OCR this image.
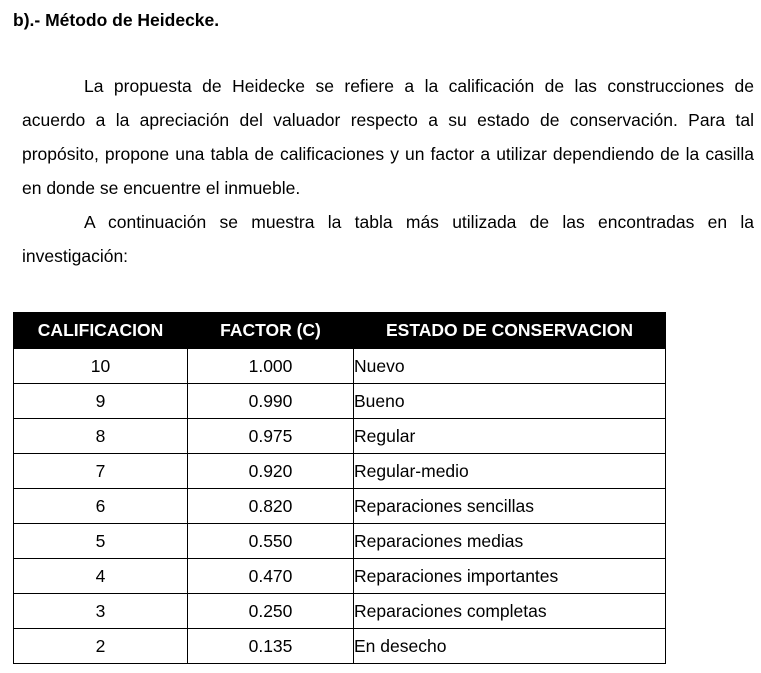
b).- Método de Heidecke.

La propuesta de Heidecke se refiere a la calificación de las construcciones de acuerdo a la apreciación del valuador respecto a su estado de conservación. Para tal propósito, propone una tabla de calificaciones y un factor a utilizar dependiendo de la casilla en donde se encuentre el inmueble.

A continuación se muestra la tabla más utilizada de las encontradas en la investigación:

CALIFICACION	FACTOR (C)	ESTADO DE CONSERVACION
10	1.000	Nuevo
9	0.990	Bueno
8	0.975	Regular
7	0.920	Regular-medio
6	0.820	Reparaciones sencillas
5	0.550	Reparaciones medias
4	0.470	Reparaciones importantes
3	0.250	Reparaciones completas
2	0.135	En desecho
